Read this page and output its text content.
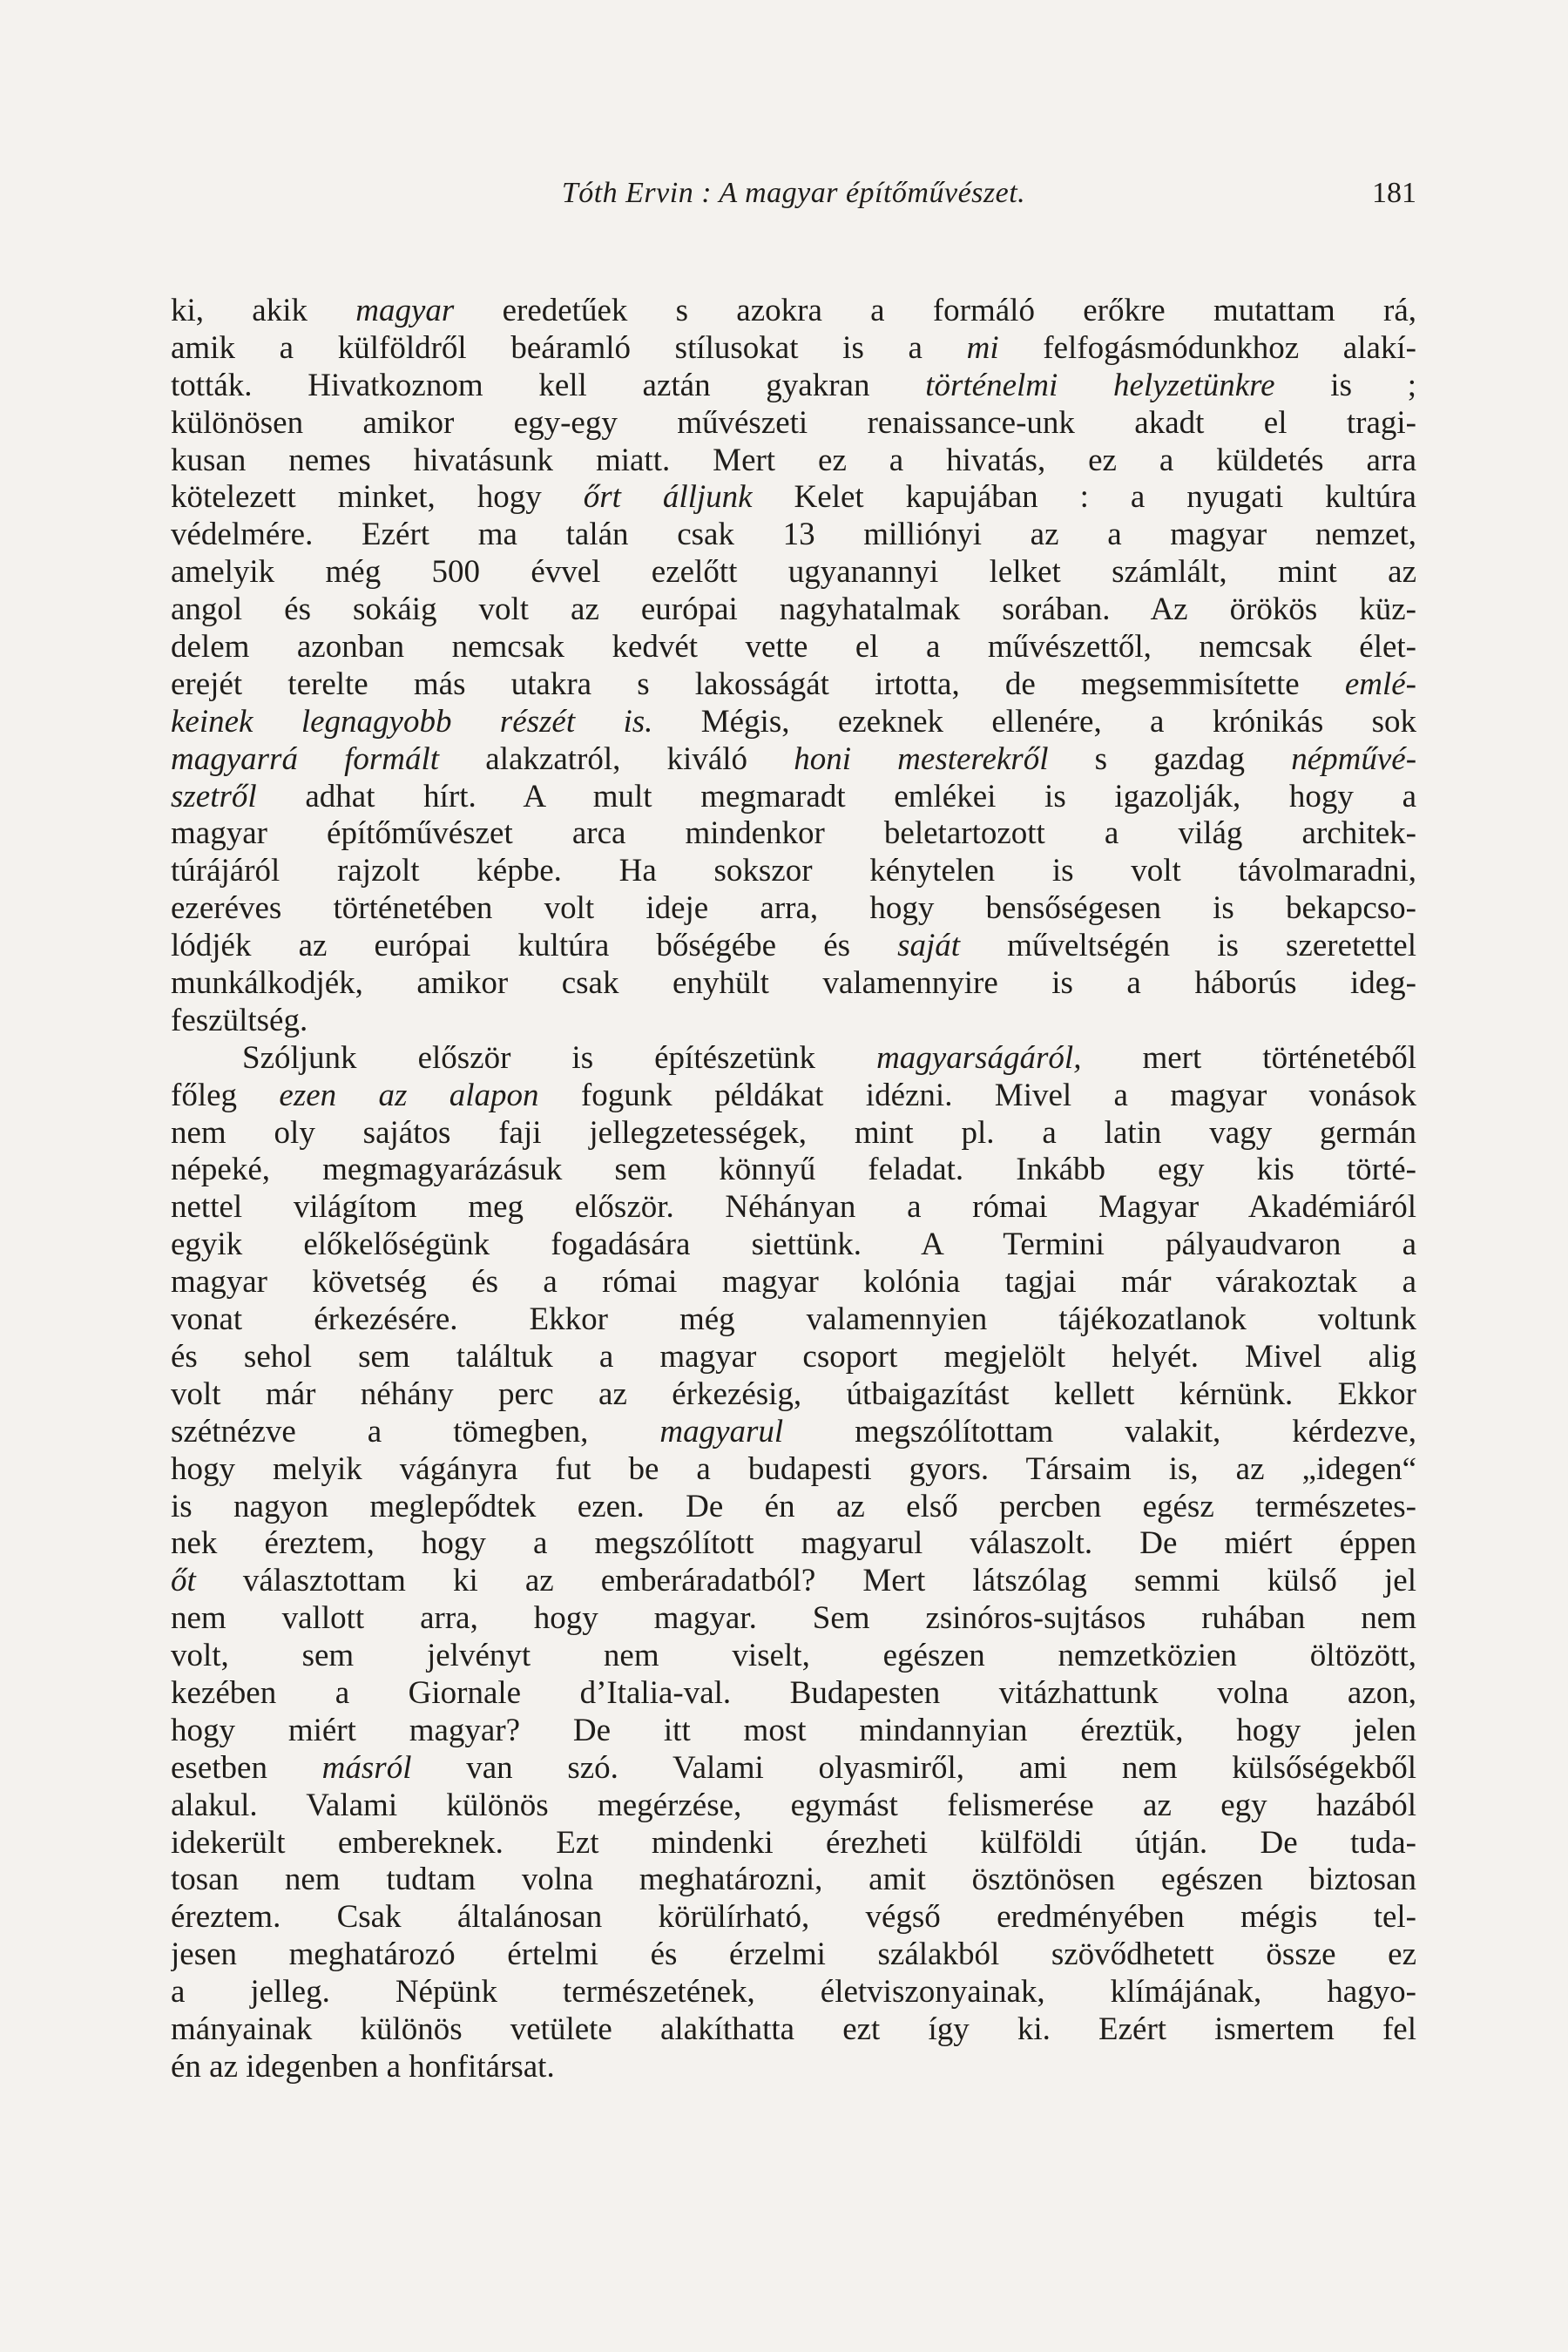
Tóth Ervin : A magyar építőművészet.	181
ki, akik magyar eredetűek s azokra a formáló erőkre mutattam rá,
amik a külföldről beáramló stílusokat is a mi felfogásmódunkhoz alakí-
tották. Hivatkoznom kell aztán gyakran történelmi helyzetünkre is ;
különösen amikor egy-egy művészeti renaissance-unk akadt el tragi-
kusan nemes hivatásunk miatt. Mert ez a hivatás, ez a küldetés arra
kötelezett minket, hogy őrt álljunk Kelet kapujában : a nyugati kultúra
védelmére. Ezért ma talán csak 13 milliónyi az a magyar nemzet,
amelyik még 500 évvel ezelőtt ugyanannyi lelket számlált, mint az
angol és sokáig volt az európai nagyhatalmak sorában. Az örökös küz-
delem azonban nemcsak kedvét vette el a művészettől, nemcsak élet-
erejét terelte más utakra s lakosságát irtotta, de megsemmisítette emlé-
keinek legnagyobb részét is. Mégis, ezeknek ellenére, a krónikás sok
magyarrá formált alakzatról, kiváló honi mesterekről s gazdag népművé-
szetről adhat hírt. A mult megmaradt emlékei is igazolják, hogy a
magyar építőművészet arca mindenkor beletartozott a világ architek-
túrájáról rajzolt képbe. Ha sokszor kénytelen is volt távolmaradni,
ezeréves történetében volt ideje arra, hogy bensőségesen is bekapcso-
lódjék az európai kultúra bőségébe és saját műveltségén is szeretettel
munkálkodjék, amikor csak enyhült valamennyire is a háborús ideg-
feszültség.
Szóljunk először is építészetünk magyarságáról, mert történetéből
főleg ezen az alapon fogunk példákat idézni. Mivel a magyar vonások
nem oly sajátos faji jellegzetességek, mint pl. a latin vagy germán
népeké, megmagyarázásuk sem könnyű feladat. Inkább egy kis törté-
nettel világítom meg először. Néhányan a római Magyar Akadémiáról
egyik előkelőségünk fogadására siettünk. A Termini pályaudvaron a
magyar követség és a római magyar kolónia tagjai már várakoztak a
vonat érkezésére. Ekkor még valamennyien tájékozatlanok voltunk
és sehol sem találtuk a magyar csoport megjelölt helyét. Mivel alig
volt már néhány perc az érkezésig, útbaigazítást kellett kérnünk. Ekkor
szétnézve a tömegben, magyarul megszólítottam valakit, kérdezve,
hogy melyik vágányra fut be a budapesti gyors. Társaim is, az „idegen“
is nagyon meglepődtek ezen. De én az első percben egész természetes-
nek éreztem, hogy a megszólított magyarul válaszolt. De miért éppen
őt választottam ki az emberáradatból? Mert látszólag semmi külső jel
nem vallott arra, hogy magyar. Sem zsinóros-sujtásos ruhában nem
volt, sem jelvényt nem viselt, egészen nemzetközien öltözött,
kezében a Giornale d’Italia-val. Budapesten vitázhattunk volna azon,
hogy miért magyar? De itt most mindannyian éreztük, hogy jelen
esetben másról van szó. Valami olyasmiről, ami nem külsőségekből
alakul. Valami különös megérzése, egymást felismerése az egy hazából
idekerült embereknek. Ezt mindenki érezheti külföldi útján. De tuda-
tosan nem tudtam volna meghatározni, amit ösztönösen egészen biztosan
éreztem. Csak általánosan körülírható, végső eredményében mégis tel-
jesen meghatározó értelmi és érzelmi szálakból szövődhetett össze ez
a jelleg. Népünk természetének, életviszonyainak, klímájának, hagyo-
mányainak különös vetülete alakíthatta ezt így ki. Ezért ismertem fel
én az idegenben a honfitársat.
